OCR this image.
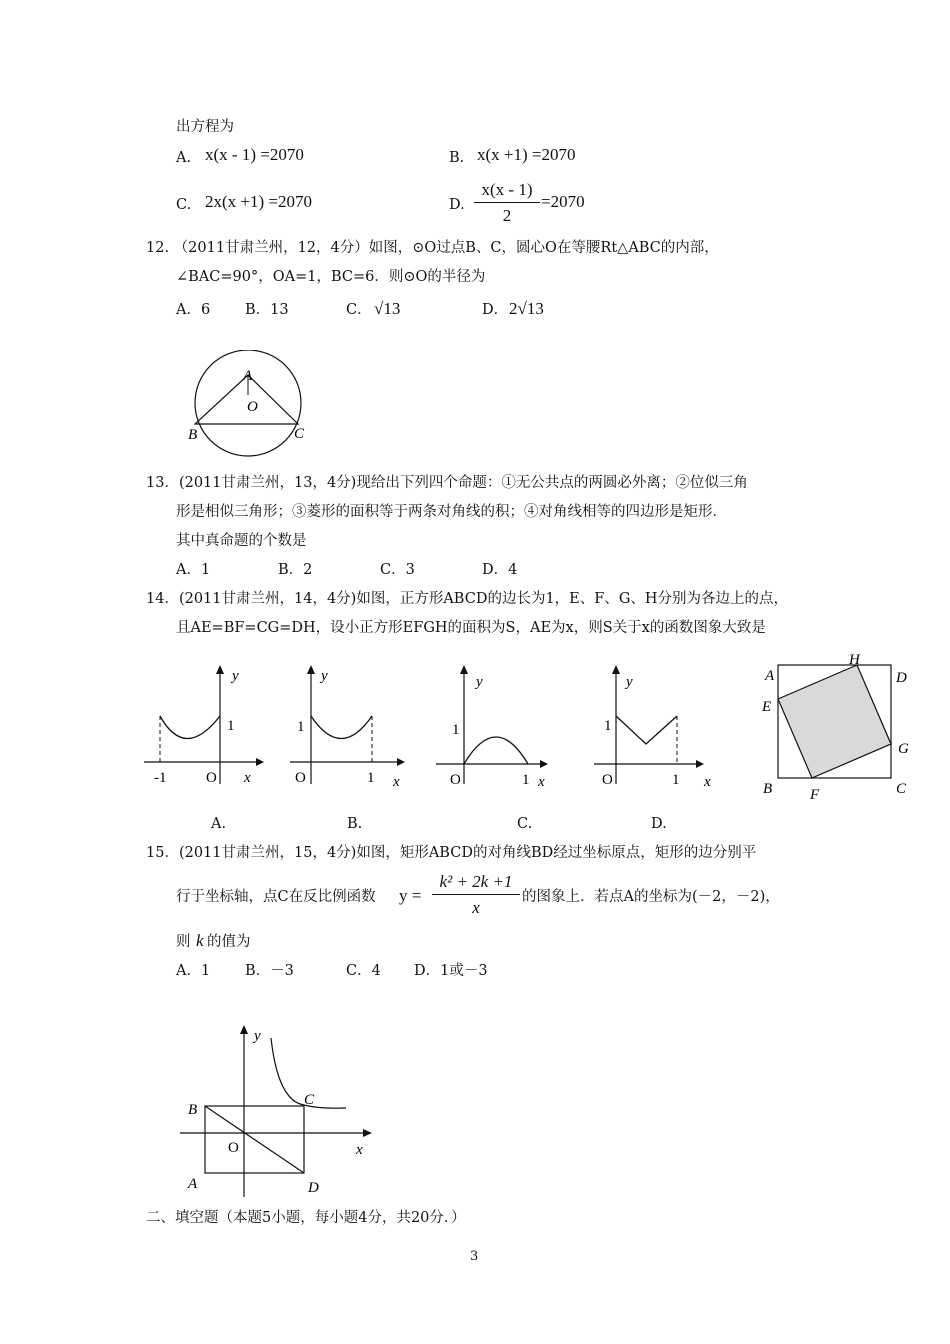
出方程为
A. x(x - 1) =2070	B. x(x +1) =2070
C. 2x(x +1) =2070	D. $\frac{x(x - 1)}{2} =2070$
12. （2011甘肃兰州，12，4分）如图，⊙O过点B、C，圆心O在等腰Rt△ABC的内部，
∠BAC=90°，OA=1，BC=6．则⊙O的半径为
A．6 B．13	C． √13	D． 2√13
A
O
B	C
13．(2011甘肃兰州，13，4分)现给出下列四个命题：①无公共点的两圆必外离；②位似三角
形是相似三角形；③菱形的面积等于两条对角线的积；④对角线相等的四边形是矩形．
其中真命题的个数是
A．1	B．2	C．3	D．4
14．(2011甘肃兰州，14，4分)如图，正方形ABCD的边长为1，E、F、G、H分别为各边上的点，
且AE=BF=CG=DH，设小正方形EFGH的面积为S，AE为x，则S关于x的函数图象大致是
y
1
-1	O x
y
1
O	1 x
y
1
O	1 x
y
1
O	1 x
A
H
D
E
G
B	F	C
A.	B.	C.	D.
15．(2011甘肃兰州，15，4分)如图，矩形ABCD的对角线BD经过坐标原点，矩形的边分别平
行于坐标轴，点C在反比例函数 $y = \frac{\text{k² + 2k +1}}{x}$ 的图象上．若点A的坐标为(－2，－2)，
则 k 的值为
A．1 B．－3	C．4 D．1或－3
y
x
O
B
C
A	D
二、填空题（本题5小题，每小题4分，共20分．）
3
